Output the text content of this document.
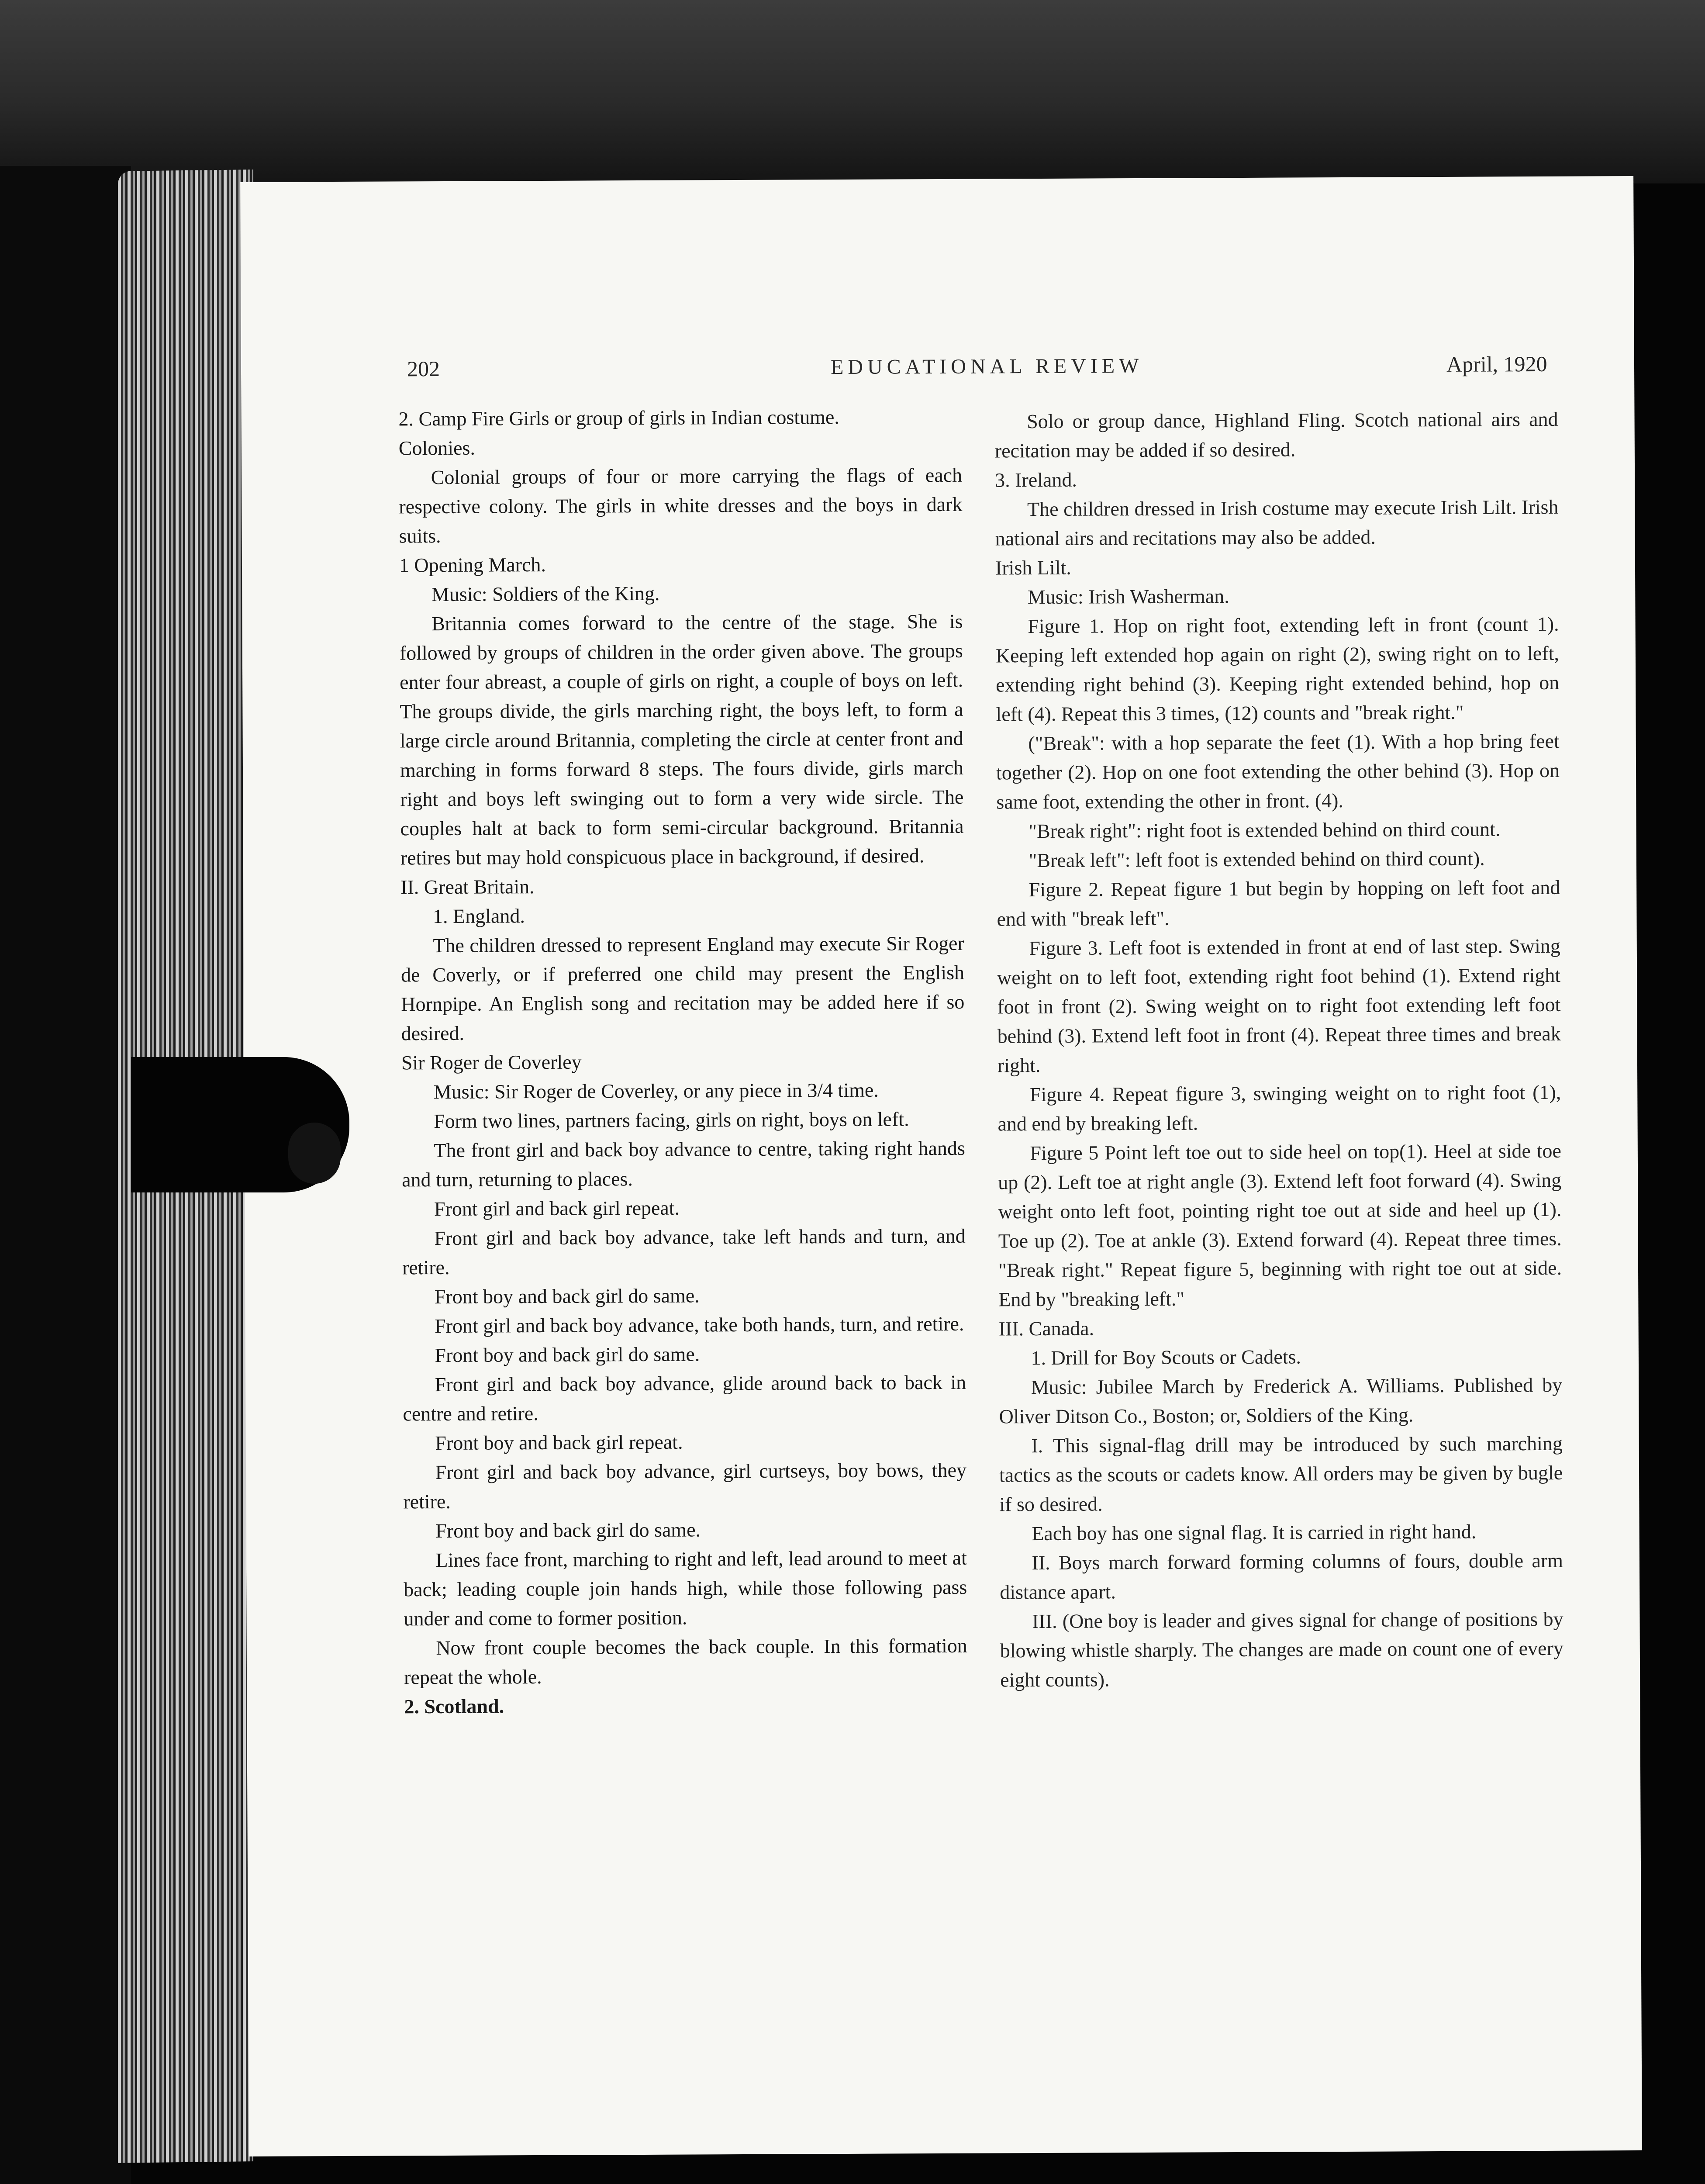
202	EDUCATIONAL REVIEW	April, 1920

2. Camp Fire Girls or group of girls in Indian costume.

Colonies.

Colonial groups of four or more carrying the flags of each respective colony. The girls in white dresses and the boys in dark suits.

1 Opening March.

Music: Soldiers of the King.

Britannia comes forward to the centre of the stage. She is followed by groups of children in the order given above. The groups enter four abreast, a couple of girls on right, a couple of boys on left. The groups divide, the girls marching right, the boys left, to form a large circle around Britannia, completing the circle at center front and marching in forms forward 8 steps. The fours divide, girls march right and boys left swinging out to form a very wide sircle. The couples halt at back to form semi-circular background. Britannia retires but may hold conspicuous place in background, if desired.

II. Great Britain.

1. England.

The children dressed to represent England may execute Sir Roger de Coverly, or if preferred one child may present the English Hornpipe. An English song and recitation may be added here if so desired.

Sir Roger de Coverley

Music: Sir Roger de Coverley, or any piece in 3/4 time.

Form two lines, partners facing, girls on right, boys on left.

The front girl and back boy advance to centre, taking right hands and turn, returning to places.

Front girl and back girl repeat.

Front girl and back boy advance, take left hands and turn, and retire.

Front boy and back girl do same.

Front girl and back boy advance, take both hands, turn, and retire.

Front boy and back girl do same.

Front girl and back boy advance, glide around back to back in centre and retire.

Front boy and back girl repeat.

Front girl and back boy advance, girl curtseys, boy bows, they retire.

Front boy and back girl do same.

Lines face front, marching to right and left, lead around to meet at back; leading couple join hands high, while those following pass under and come to former position.

Now front couple becomes the back couple. In this formation repeat the whole.

2. Scotland.

Solo or group dance, Highland Fling. Scotch national airs and recitation may be added if so desired.

3. Ireland.

The children dressed in Irish costume may execute Irish Lilt. Irish national airs and recitations may also be added.

Irish Lilt.

Music: Irish Washerman.

Figure 1. Hop on right foot, extending left in front (count 1). Keeping left extended hop again on right (2), swing right on to left, extending right behind (3). Keeping right extended behind, hop on left (4). Repeat this 3 times, (12) counts and "break right."

("Break": with a hop separate the feet (1). With a hop bring feet together (2). Hop on one foot extending the other behind (3). Hop on same foot, extending the other in front. (4).

"Break right": right foot is extended behind on third count.

"Break left": left foot is extended behind on third count).

Figure 2. Repeat figure 1 but begin by hopping on left foot and end with "break left".

Figure 3. Left foot is extended in front at end of last step. Swing weight on to left foot, extending right foot behind (1). Extend right foot in front (2). Swing weight on to right foot extending left foot behind (3). Extend left foot in front (4). Repeat three times and break right.

Figure 4. Repeat figure 3, swinging weight on to right foot (1), and end by breaking left.

Figure 5 Point left toe out to side heel on top(1). Heel at side toe up (2). Left toe at right angle (3). Extend left foot forward (4). Swing weight onto left foot, pointing right toe out at side and heel up (1). Toe up (2). Toe at ankle (3). Extend forward (4). Repeat three times. "Break right." Repeat figure 5, beginning with right toe out at side. End by "breaking left."

III. Canada.

1. Drill for Boy Scouts or Cadets.

Music: Jubilee March by Frederick A. Williams. Published by Oliver Ditson Co., Boston; or, Soldiers of the King.

I. This signal-flag drill may be introduced by such marching tactics as the scouts or cadets know. All orders may be given by bugle if so desired.

Each boy has one signal flag. It is carried in right hand.

II. Boys march forward forming columns of fours, double arm distance apart.

III. (One boy is leader and gives signal for change of positions by blowing whistle sharply. The changes are made on count one of every eight counts).
